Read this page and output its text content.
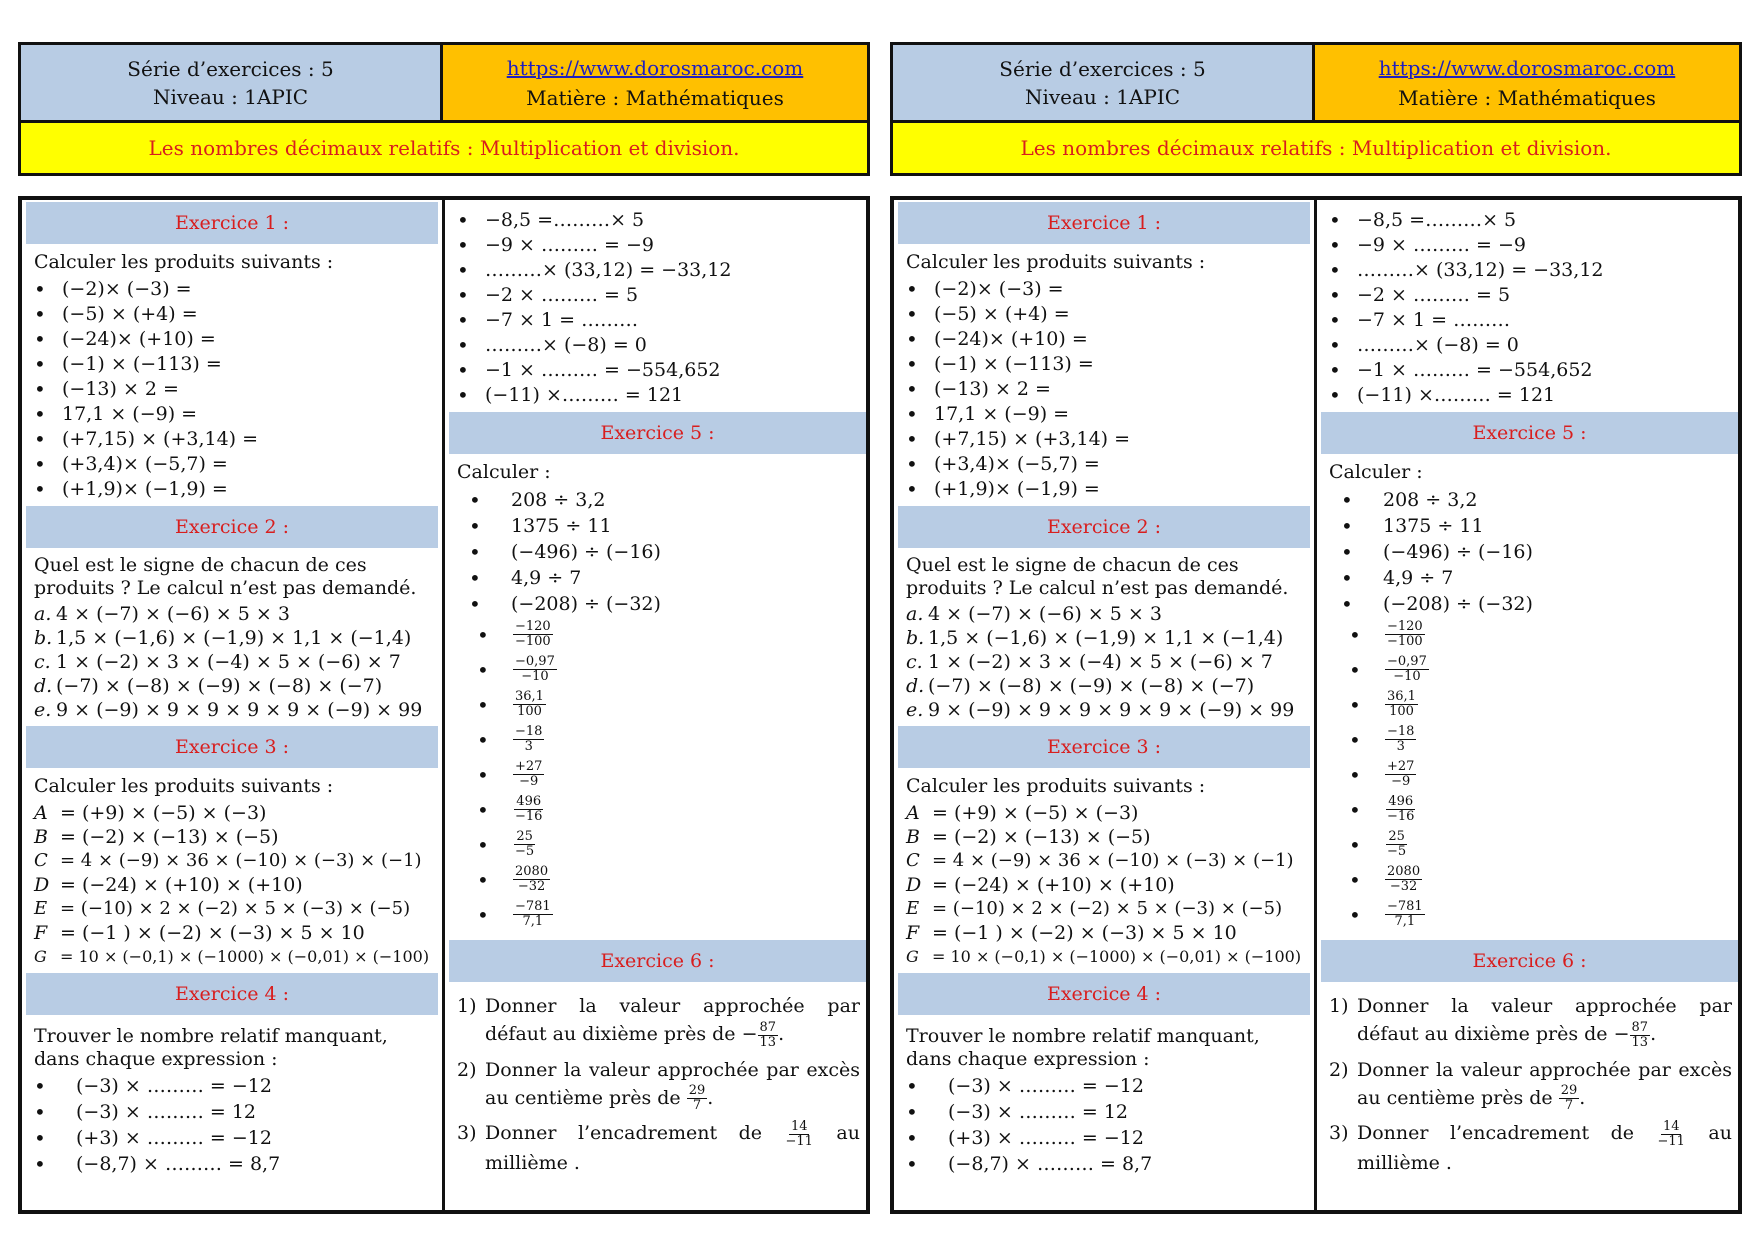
Série d’exercices : 5
Niveau : 1APIC
https://www.dorosmaroc.com
Matière : Mathématiques
Les nombres décimaux relatifs : Multiplication et division.
Exercice 1 :
Calculer les produits suivants :
• (−2)× (−3) =
• (−5) × (+4) =
• (−24)× (+10) =
• (−1) × (−113) =
• (−13) × 2 =
• 17,1 × (−9) =
• (+7,15) × (+3,14) =
• (+3,4)× (−5,7) =
• (+1,9)× (−1,9) =
Exercice 2 :
Quel est le signe de chacun de ces produits ? Le calcul n’est pas demandé.
a. 4 × (−7) × (−6) × 5 × 3
b. 1,5 × (−1,6) × (−1,9) × 1,1 × (−1,4)
c. 1 × (−2) × 3 × (−4) × 5 × (−6) × 7
d. (−7) × (−8) × (−9) × (−8) × (−7)
e. 9 × (−9) × 9 × 9 × 9 × 9 × (−9) × 99
Exercice 3 :
Calculer les produits suivants :
A = (+9) × (−5) × (−3)
B = (−2) × (−13) × (−5)
C = 4 × (−9) × 36 × (−10) × (−3) × (−1)
D = (−24) × (+10) × (+10)
E = (−10) × 2 × (−2) × 5 × (−3) × (−5)
F = (−1 ) × (−2) × (−3) × 5 × 10
G = 10 × (−0,1) × (−1000) × (−0,01) × (−100)
Exercice 4 :
Trouver le nombre relatif manquant, dans chaque expression :
• (−3) × ……… = −12
• (−3) × ……… = 12
• (+3) × ……… = −12
• (−8,7) × ……… = 8,7
• −8,5 =………× 5
• −9 × ……… = −9
• ………× (33,12) = −33,12
• −2 × ……… = 5
• −7 × 1 = ………
• ………× (−8) = 0
• −1 × ……… = −554,652
• (−11) ×……… = 121
Exercice 5 :
Calculer :
• 208 ÷ 3,2
• 1375 ÷ 11
• (−496) ÷ (−16)
• 4,9 ÷ 7
• (−208) ÷ (−32)
• $\frac{-120}{-100}$
• $\frac{-0,97}{-10}$
• $\frac{36,1}{100}$
• $\frac{-18}{3}$
• $\frac{+27}{-9}$
• $\frac{496}{-16}$
• $\frac{25}{-5}$
• $\frac{2080}{-32}$
• $\frac{-781}{7,1}$
Exercice 6 :
1) Donner la valeur approchée par défaut au dixième près de − $\frac{87}{13}$ .
2) Donner la valeur approchée par excès au centième près de $\frac{29}{7}$ .
3) Donner l’encadrement de $\frac{14}{-11}$ au millième .
Série d’exercices : 5
Niveau : 1APIC
https://www.dorosmaroc.com
Matière : Mathématiques
Les nombres décimaux relatifs : Multiplication et division.
Exercice 1 :
Calculer les produits suivants :
• (−2)× (−3) =
• (−5) × (+4) =
• (−24)× (+10) =
• (−1) × (−113) =
• (−13) × 2 =
• 17,1 × (−9) =
• (+7,15) × (+3,14) =
• (+3,4)× (−5,7) =
• (+1,9)× (−1,9) =
Exercice 2 :
Quel est le signe de chacun de ces produits ? Le calcul n’est pas demandé.
a. 4 × (−7) × (−6) × 5 × 3
b. 1,5 × (−1,6) × (−1,9) × 1,1 × (−1,4)
c. 1 × (−2) × 3 × (−4) × 5 × (−6) × 7
d. (−7) × (−8) × (−9) × (−8) × (−7)
e. 9 × (−9) × 9 × 9 × 9 × 9 × (−9) × 99
Exercice 3 :
Calculer les produits suivants :
A = (+9) × (−5) × (−3)
B = (−2) × (−13) × (−5)
C = 4 × (−9) × 36 × (−10) × (−3) × (−1)
D = (−24) × (+10) × (+10)
E = (−10) × 2 × (−2) × 5 × (−3) × (−5)
F = (−1 ) × (−2) × (−3) × 5 × 10
G = 10 × (−0,1) × (−1000) × (−0,01) × (−100)
Exercice 4 :
Trouver le nombre relatif manquant, dans chaque expression :
• (−3) × ……… = −12
• (−3) × ……… = 12
• (+3) × ……… = −12
• (−8,7) × ……… = 8,7
• −8,5 =………× 5
• −9 × ……… = −9
• ………× (33,12) = −33,12
• −2 × ……… = 5
• −7 × 1 = ………
• ………× (−8) = 0
• −1 × ……… = −554,652
• (−11) ×……… = 121
Exercice 5 :
Calculer :
• 208 ÷ 3,2
• 1375 ÷ 11
• (−496) ÷ (−16)
• 4,9 ÷ 7
• (−208) ÷ (−32)
• $\frac{-120}{-100}$
• $\frac{-0,97}{-10}$
• $\frac{36,1}{100}$
• $\frac{-18}{3}$
• $\frac{+27}{-9}$
• $\frac{496}{-16}$
• $\frac{25}{-5}$
• $\frac{2080}{-32}$
• $\frac{-781}{7,1}$
Exercice 6 :
1) Donner la valeur approchée par défaut au dixième près de − $\frac{87}{13}$ .
2) Donner la valeur approchée par excès au centième près de $\frac{29}{7}$ .
3) Donner l’encadrement de $\frac{14}{-11}$ au millième .
